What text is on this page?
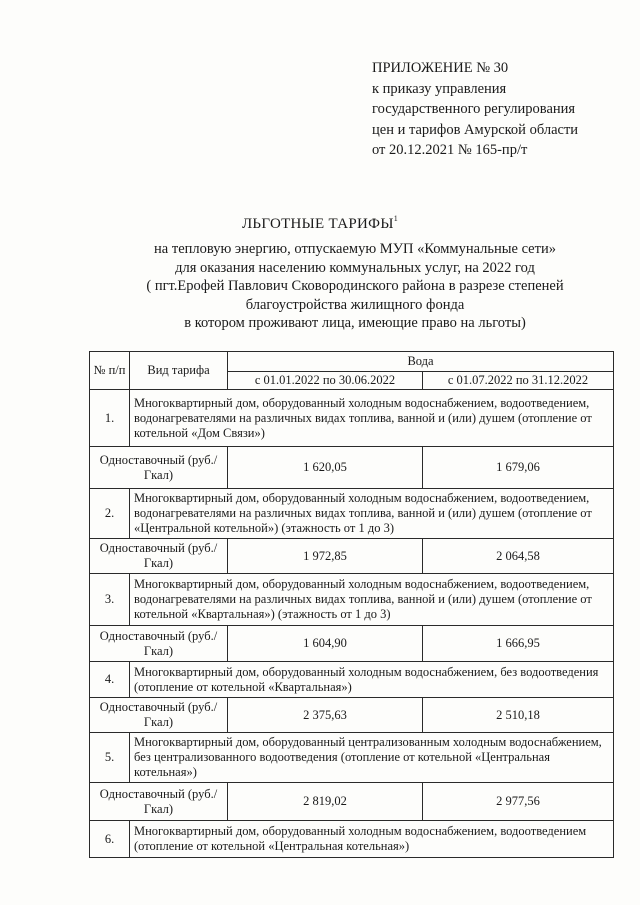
ПРИЛОЖЕНИЕ № 30
к приказу управления
государственного регулирования
цен и тарифов Амурской области
от 20.12.2021 № 165-пр/т
ЛЬГОТНЫЕ ТАРИФЫ$^1$
на тепловую энергию, отпускаемую МУП «Коммунальные сети»
для оказания населению коммунальных услуг, на 2022 год
( пгт.Ерофей Павлович Сковородинского района в разрезе степеней
благоустройства жилищного фонда
в котором проживают лица, имеющие право на льготы)
№ п/п	Вид тарифа	Вода	
		с 01.01.2022 по 30.06.2022	с 01.07.2022 по 31.12.2022
1.	Многоквартирный дом, оборудованный холодным водоснабжением, водоотведением, водонагревателями на различных видах топлива, ванной и (или) душем (отопление от котельной «Дом Связи»)		
Одноставочный (руб./Гкал)		1 620,05	1 679,06
2.	Многоквартирный дом, оборудованный холодным водоснабжением, водоотведением, водонагревателями на различных видах топлива, ванной и (или) душем (отопление от «Центральной котельной») (этажность от 1 до 3)		
Одноставочный (руб./Гкал)		1 972,85	2 064,58
3.	Многоквартирный дом, оборудованный холодным водоснабжением, водоотведением, водонагревателями на различных видах топлива, ванной и (или) душем (отопление от котельной «Квартальная») (этажность от 1 до 3)		
Одноставочный (руб./Гкал)		1 604,90	1 666,95
4.	Многоквартирный дом, оборудованный холодным водоснабжением, без водоотведения (отопление от котельной «Квартальная»)		
Одноставочный (руб./Гкал)		2 375,63	2 510,18
5.	Многоквартирный дом, оборудованный централизованным холодным водоснабжением, без централизованного водоотведения (отопление от котельной «Центральная котельная»)		
Одноставочный (руб./Гкал)		2 819,02	2 977,56
6.	Многоквартирный дом, оборудованный холодным водоснабжением, водоотведением (отопление от котельной «Центральная котельная»)		
